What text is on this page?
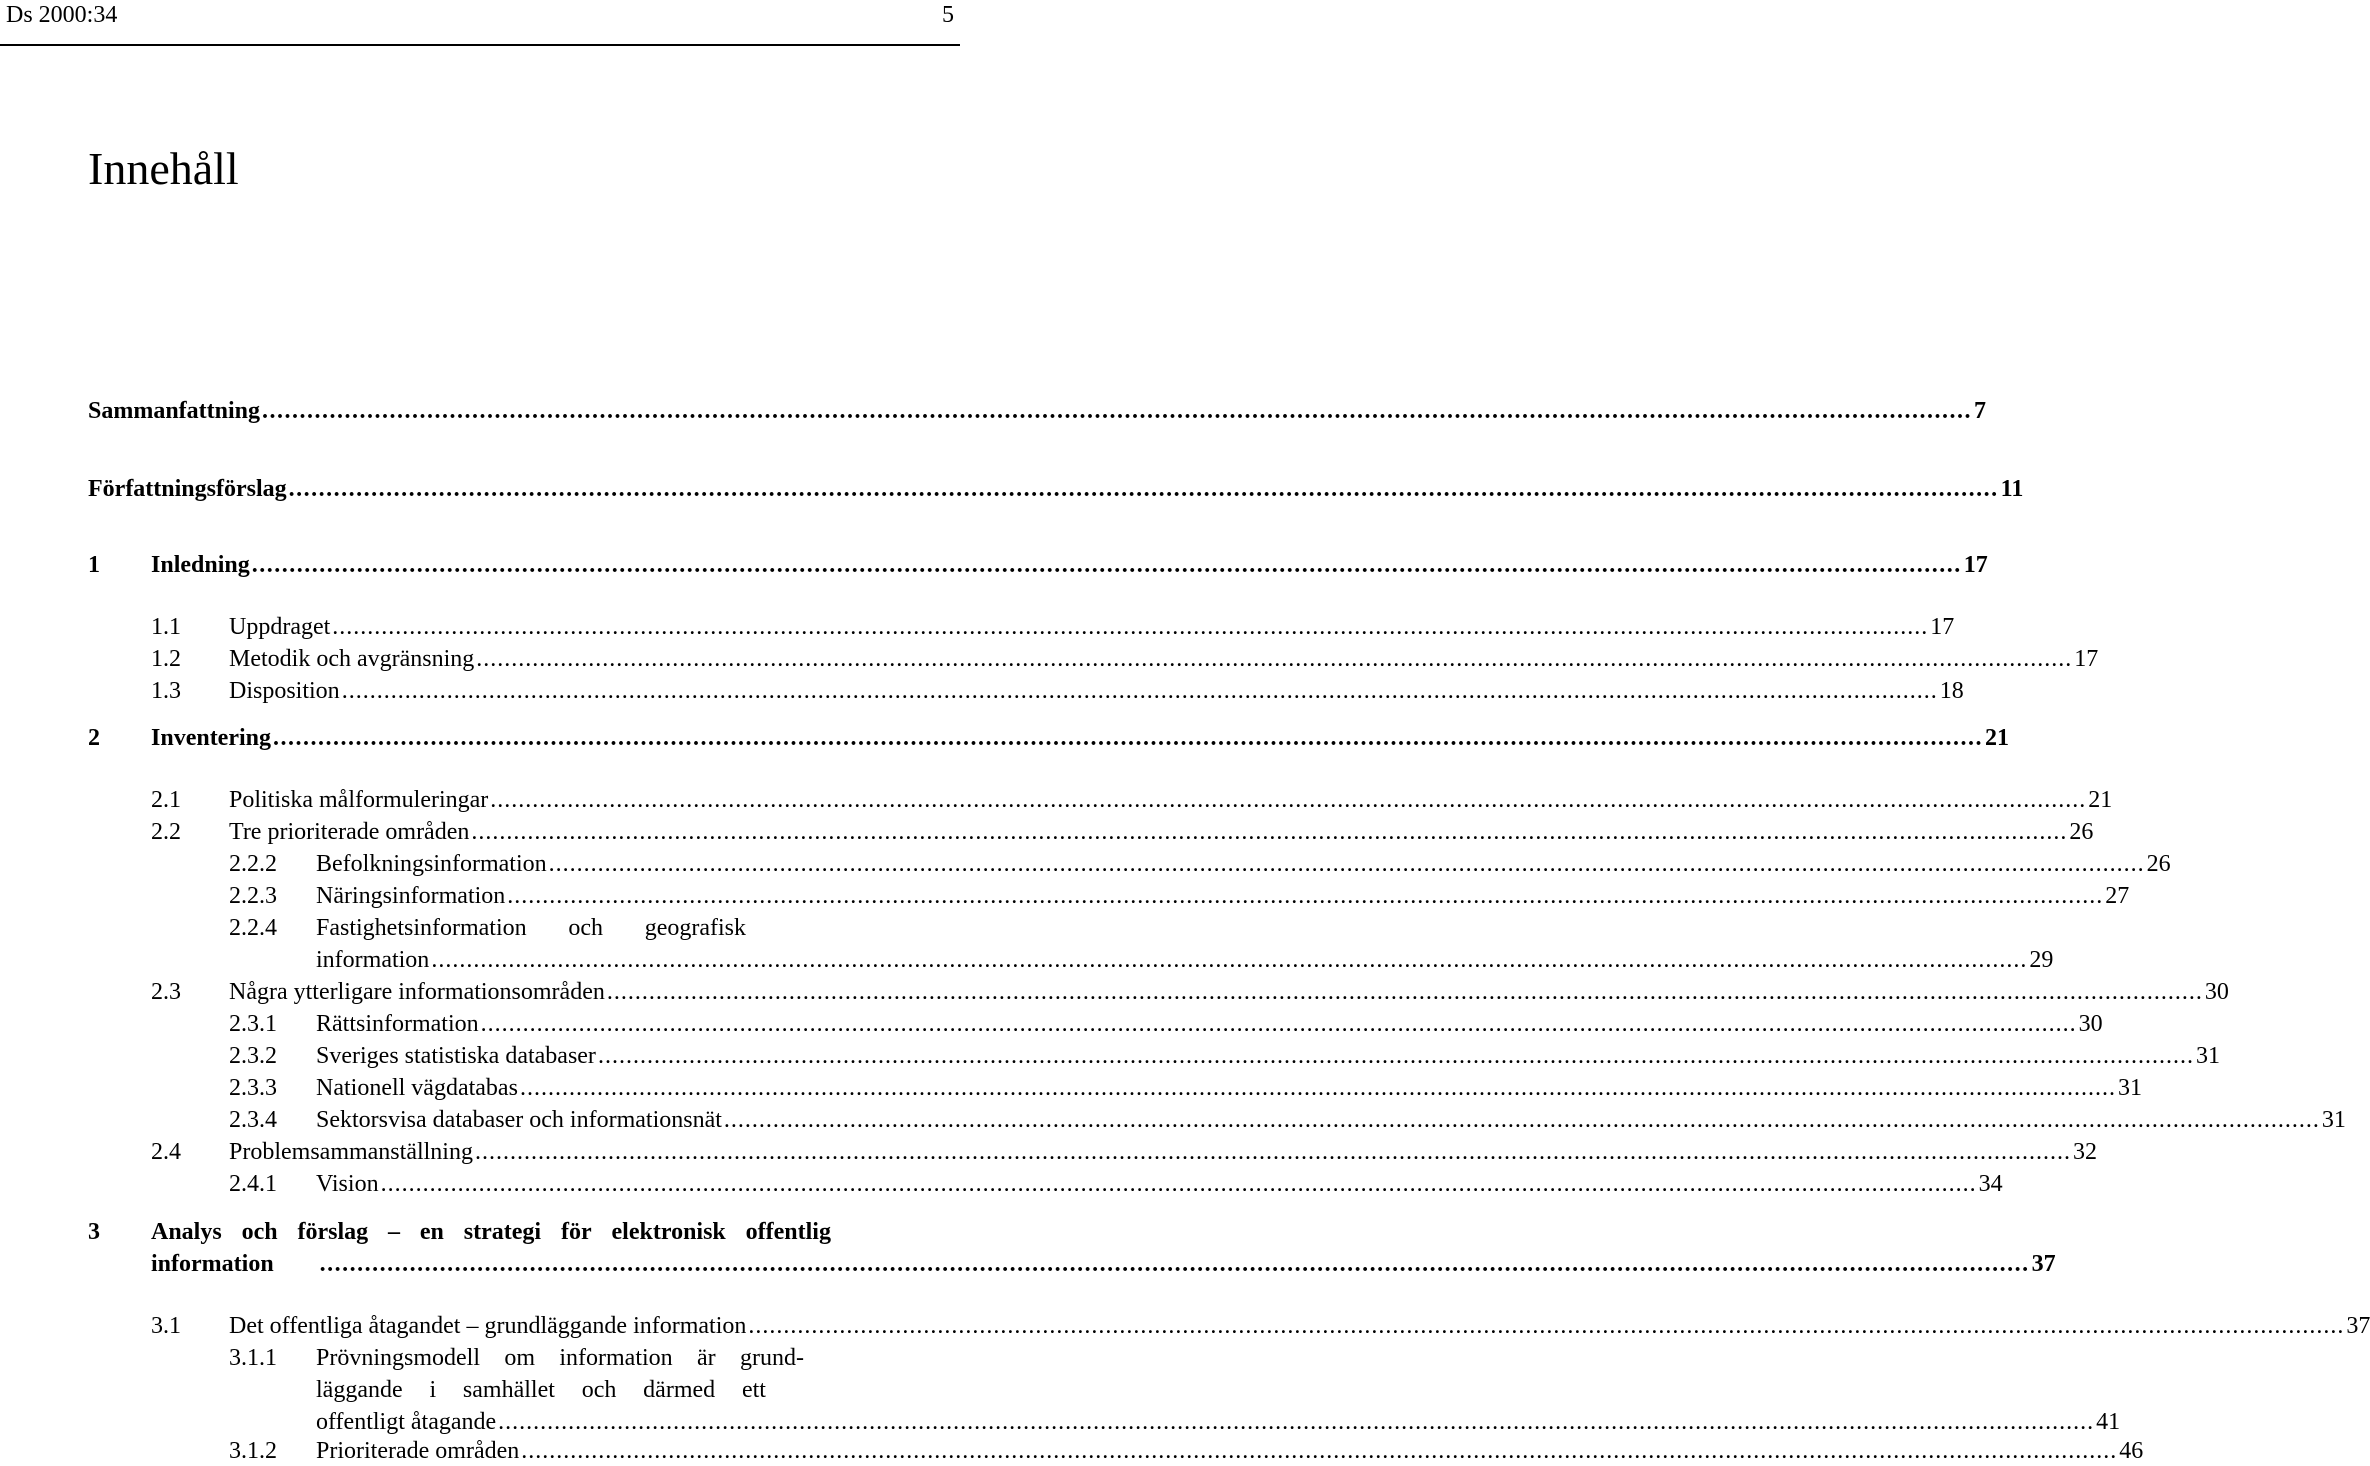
Ds 2000:34	5
Innehåll
Sammanfattning .................................................................................................................................................................................................................................... 7
Författningsförslag .................................................................................................................................................................................................................................... 11
1 Inledning .................................................................................................................................................................................................................................... 17
1.1 Uppdraget .................................................................................................................................................................................................................................... 17
1.2 Metodik och avgränsning .................................................................................................................................................................................................................................... 17
1.3 Disposition .................................................................................................................................................................................................................................... 18
2 Inventering .................................................................................................................................................................................................................................... 21
2.1 Politiska målformuleringar .................................................................................................................................................................................................................................... 21
2.2 Tre prioriterade områden .................................................................................................................................................................................................................................... 26
2.2.2 Befolkningsinformation .................................................................................................................................................................................................................................... 26
2.2.3 Näringsinformation .................................................................................................................................................................................................................................... 27
2.2.4 Fastighetsinformation och geografisk
information .................................................................................................................................................................................................................................... 29
2.3 Några ytterligare informationsområden .................................................................................................................................................................................................................................... 30
2.3.1 Rättsinformation .................................................................................................................................................................................................................................... 30
2.3.2 Sveriges statistiska databaser .................................................................................................................................................................................................................................... 31
2.3.3 Nationell vägdatabas .................................................................................................................................................................................................................................... 31
2.3.4 Sektorsvisa databaser och informationsnät .................................................................................................................................................................................................................................... 31
2.4 Problemsammanställning .................................................................................................................................................................................................................................... 32
2.4.1 Vision .................................................................................................................................................................................................................................... 34
3 Analys och förslag – en strategi för elektronisk offentlig
information .................................................................................................................................................................................................................................... 37
3.1 Det offentliga åtagandet – grundläggande information .................................................................................................................................................................................................................................... 37
3.1.1 Prövningsmodell om information är grund-
läggande i samhället och därmed ett
offentligt åtagande .................................................................................................................................................................................................................................... 41
3.1.2 Prioriterade områden .................................................................................................................................................................................................................................... 46
